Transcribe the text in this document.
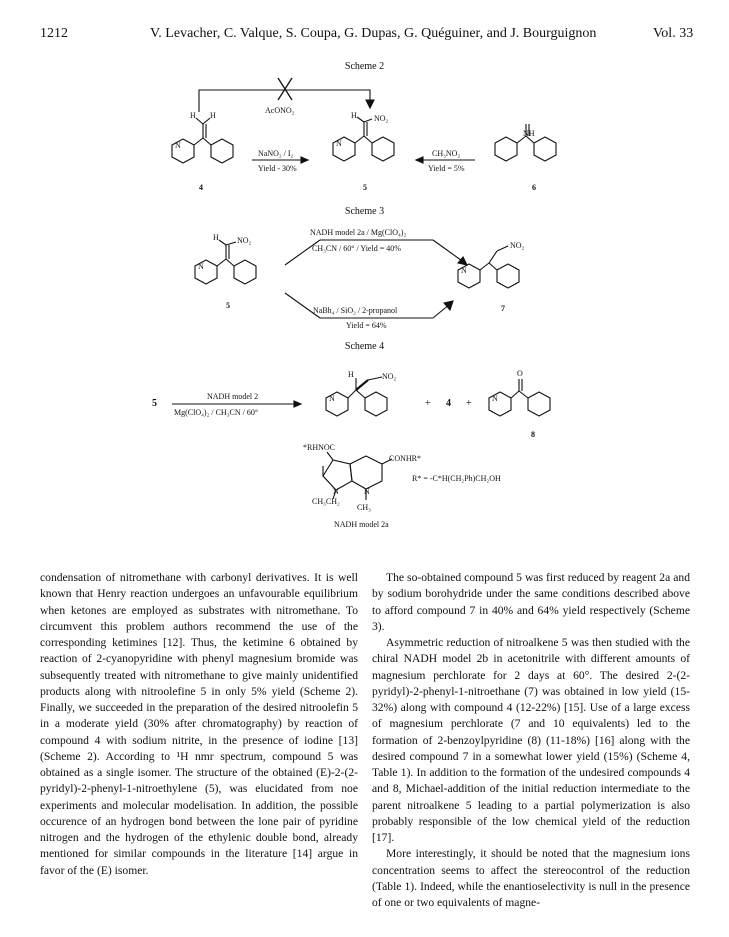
1212	V. Levacher, C. Valque, S. Coupa, G. Dupas, G. Quéguiner, and J. Bourguignon	Vol. 33
Scheme 2
AcONO₂
H H
N
4
NaNO₂ / I₂
Yield - 30%
H NO₂
N
5
CH₃NO₂
Yield = 5%
NH
6
Scheme 3
H NO₂
N
5
NADH model 2a / Mg(ClO₄)₂
CH₃CN / 60° / Yield = 40%
NaBh₄ / SiO₂ / 2-propanol
Yield = 64%
NO₂
N
7
Scheme 4
5
NADH model 2
Mg(ClO₄)₂ / CH₃CN / 60°
H	NO₂
N	+ 4 +
O
N
8
*RHNOC
CONHR*
R* = -C*H(CH₂Ph)CH₂OH
N	N
CH₃CH₂
CH₃
NADH model 2a

condensation of nitromethane with carbonyl derivatives. It is well known that Henry reaction undergoes an unfavourable equilibrium when ketones are employed as substrates with nitromethane. To circumvent this problem authors recommend the use of the corresponding ketimines [12]. Thus, the ketimine 6 obtained by reaction of 2-cyanopyridine with phenyl magnesium bromide was subsequently treated with nitromethane to give mainly unidentified products along with nitroolefine 5 in only 5% yield (Scheme 2). Finally, we succeeded in the preparation of the desired nitroolefin 5 in a moderate yield (30% after chromatography) by reaction of compound 4 with sodium nitrite, in the presence of iodine [13] (Scheme 2). According to ¹H nmr spectrum, compound 5 was obtained as a single isomer. The structure of the obtained (E)-2-(2-pyridyl)-2-phenyl-1-nitroethylene (5), was elucidated from noe experiments and molecular modelisation. In addition, the possible occurence of an hydrogen bond between the lone pair of pyridine nitrogen and the hydrogen of the ethylenic double bond, already mentioned for similar compounds in the literature [14] argue in favor of the (E) isomer.

The so-obtained compound 5 was first reduced by reagent 2a and by sodium borohydride under the same conditions described above to afford compound 7 in 40% and 64% yield respectively (Scheme 3).

Asymmetric reduction of nitroalkene 5 was then studied with the chiral NADH model 2b in acetonitrile with different amounts of magnesium perchlorate for 2 days at 60°. The desired 2-(2-pyridyl)-2-phenyl-1-nitroethane (7) was obtained in low yield (15-32%) along with compound 4 (12-22%) [15]. Use of a large excess of magnesium perchlorate (7 and 10 equivalents) led to the formation of 2-benzoylpyridine (8) (11-18%) [16] along with the desired compound 7 in a somewhat lower yield (15%) (Scheme 4, Table 1). In addition to the formation of the undesired compounds 4 and 8, Michael-addition of the initial reduction intermediate to the parent nitroalkene 5 leading to a partial polymerization is also probably responsible of the low chemical yield of the reduction [17].

More interestingly, it should be noted that the magnesium ions concentration seems to affect the stereocontrol of the reduction (Table 1). Indeed, while the enantioselectivity is null in the presence of one or two equivalents of magne-
